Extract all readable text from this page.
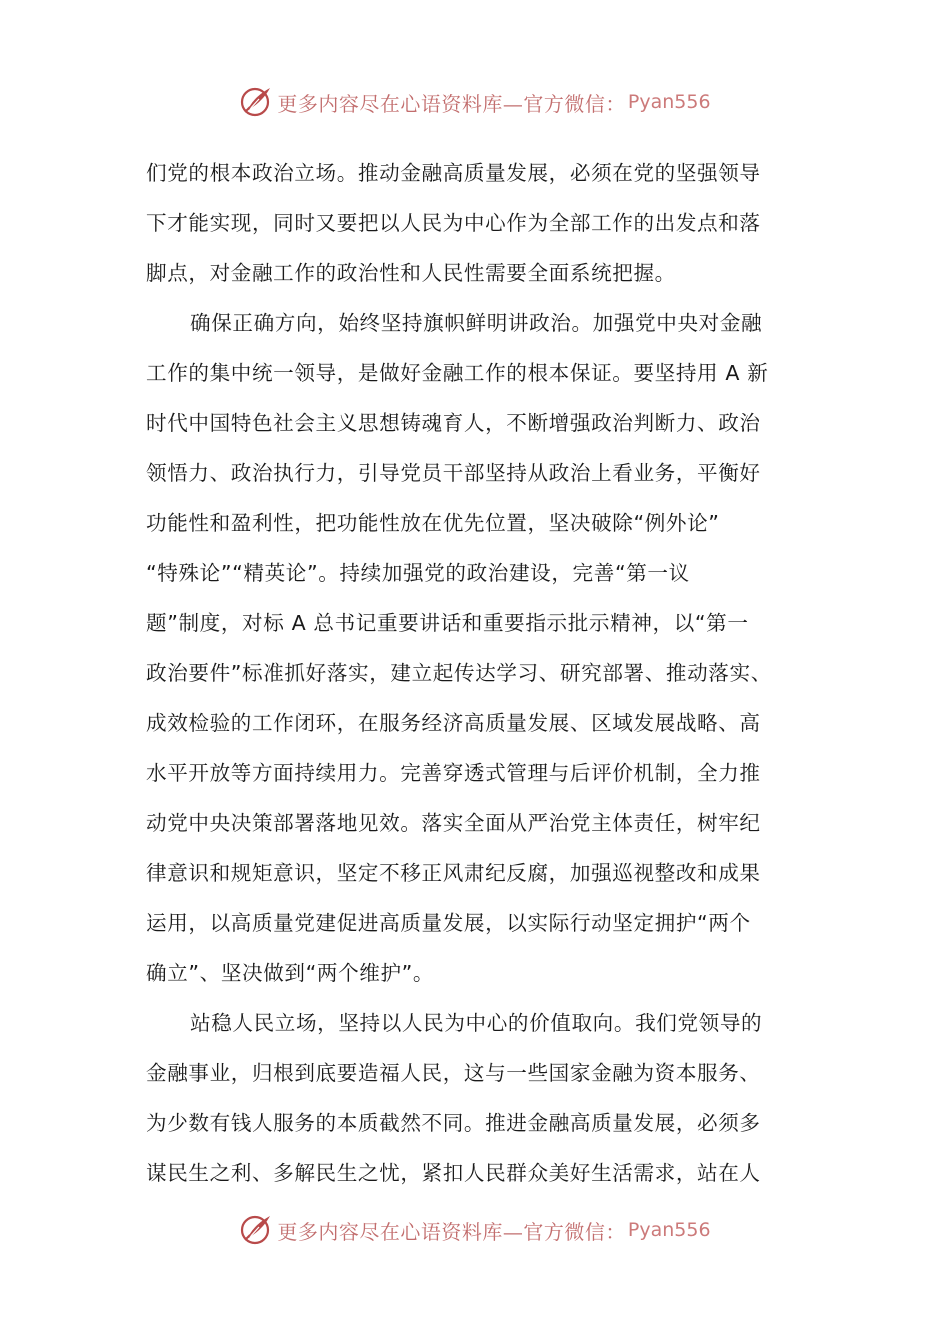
更多内容尽在心语资料库—官方微信： Pyan556
们党的根本政治立场。推动金融高质量发展，必须在党的坚强领导
下才能实现，同时又要把以人民为中心作为全部工作的出发点和落
脚点，对金融工作的政治性和人民性需要全面系统把握。
确保正确方向，始终坚持旗帜鲜明讲政治。加强党中央对金融
工作的集中统一领导，是做好金融工作的根本保证。要坚持用 A 新
时代中国特色社会主义思想铸魂育人，不断增强政治判断力、政治
领悟力、政治执行力，引导党员干部坚持从政治上看业务，平衡好
功能性和盈利性，把功能性放在优先位置，坚决破除“例外论”
“特殊论”“精英论”。持续加强党的政治建设，完善“第一议
题”制度，对标 A 总书记重要讲话和重要指示批示精神，以“第一
政治要件”标准抓好落实，建立起传达学习、研究部署、推动落实、
成效检验的工作闭环，在服务经济高质量发展、区域发展战略、高
水平开放等方面持续用力。完善穿透式管理与后评价机制，全力推
动党中央决策部署落地见效。落实全面从严治党主体责任，树牢纪
律意识和规矩意识，坚定不移正风肃纪反腐，加强巡视整改和成果
运用，以高质量党建促进高质量发展，以实际行动坚定拥护“两个
确立”、坚决做到“两个维护”。
站稳人民立场，坚持以人民为中心的价值取向。我们党领导的
金融事业，归根到底要造福人民，这与一些国家金融为资本服务、
为少数有钱人服务的本质截然不同。推进金融高质量发展，必须多
谋民生之利、多解民生之忧，紧扣人民群众美好生活需求，站在人
更多内容尽在心语资料库—官方微信： Pyan556
